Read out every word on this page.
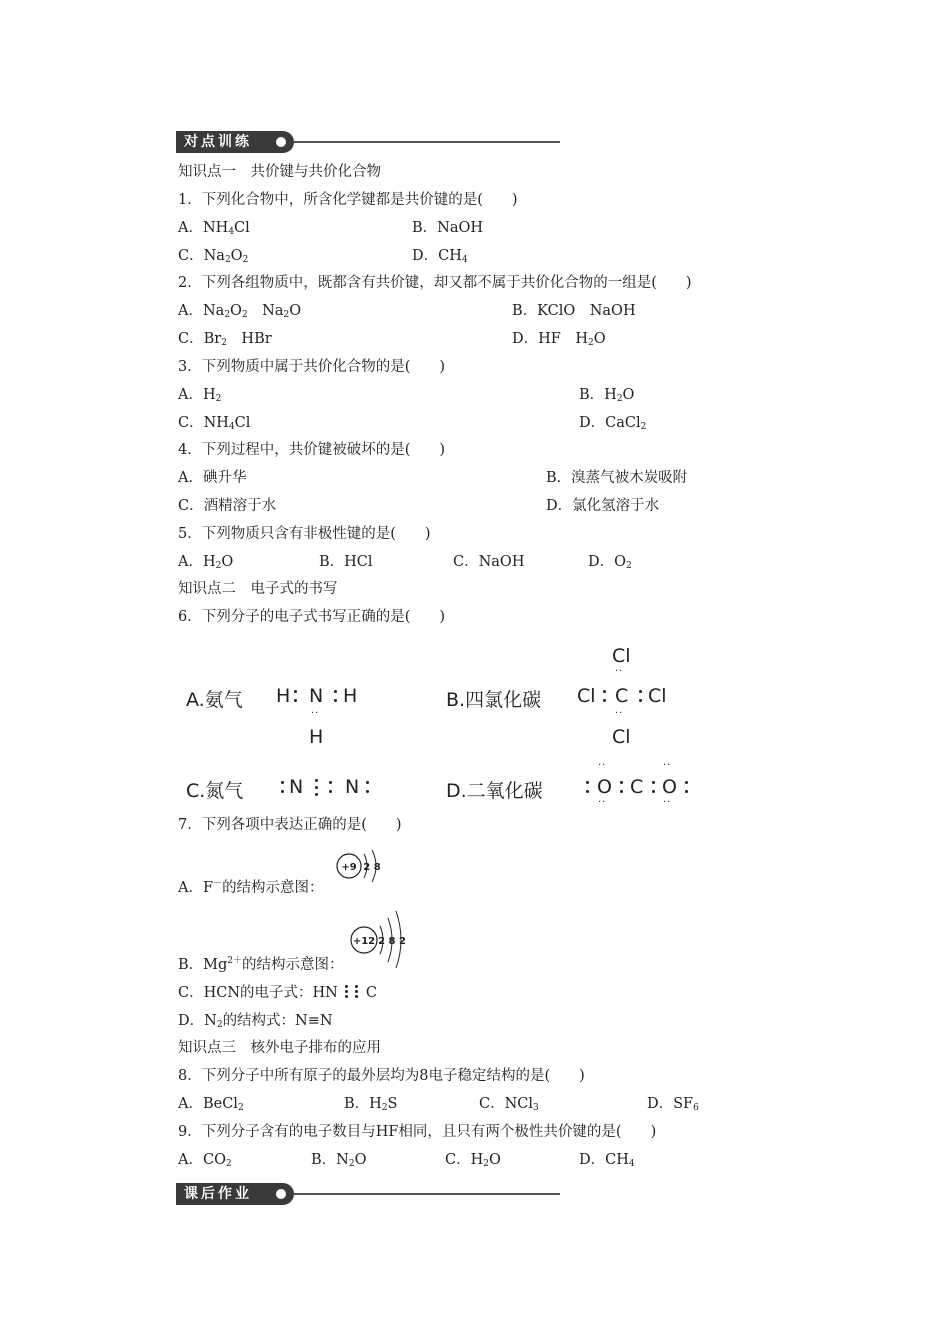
对点训练
知识点一　共价键与共价化合物
1．下列化合物中，所含化学键都是共价键的是(　　)
A．$NH_4Cl$	B．NaOH
C．$Na_2O_2$	D．$CH_4$
2．下列各组物质中，既都含有共价键，却又都不属于共价化合物的一组是(　　)
A．$Na_2O_2$　$Na_2O$	B．KClO　NaOH
C．$Br_2$　HBr	D．HF　$H_2O$
3．下列物质中属于共价化合物的是(　　)
A．$H_2$	B．$H_2O$
C．$NH_4Cl$	D．CaCl$_2$
4．下列过程中，共价键被破坏的是(　　)
A．碘升华	B．溴蒸气被木炭吸附
C．酒精溶于水	D．氯化氢溶于水
5．下列物质只含有非极性键的是(　　)
A．$H_2O$	B．HCl	C．NaOH	D．$O_2$
知识点二　电子式的书写
6．下列分子的电子式书写正确的是(　　)
A.氨气 H N H
··
H
B.四氯化碳
Cl
··
Cl C Cl
··
Cl
C.氮气 N N	D.二氧化碳
··
O
··
C
··
O
··
7．下列各项中表达正确的是(　　)
+9 2 8
A．F－的结构示意图：
+12 2 8 2
B．$Mg^{2+}$的结构示意图：
C．HCN的电子式：HN C
D．$N_2$的结构式：N≡N
知识点三　核外电子排布的应用
8．下列分子中所有原子的最外层均为8电子稳定结构的是(　　)
A．BeCl$_2$	B．$H_2S$	C．NCl$_3$	D．$SF_6$
9．下列分子含有的电子数目与HF相同，且只有两个极性共价键的是(　　)
A．$CO_2$	B．$N_2O$	C．$H_2O$	D．$CH_4$
课后作业
